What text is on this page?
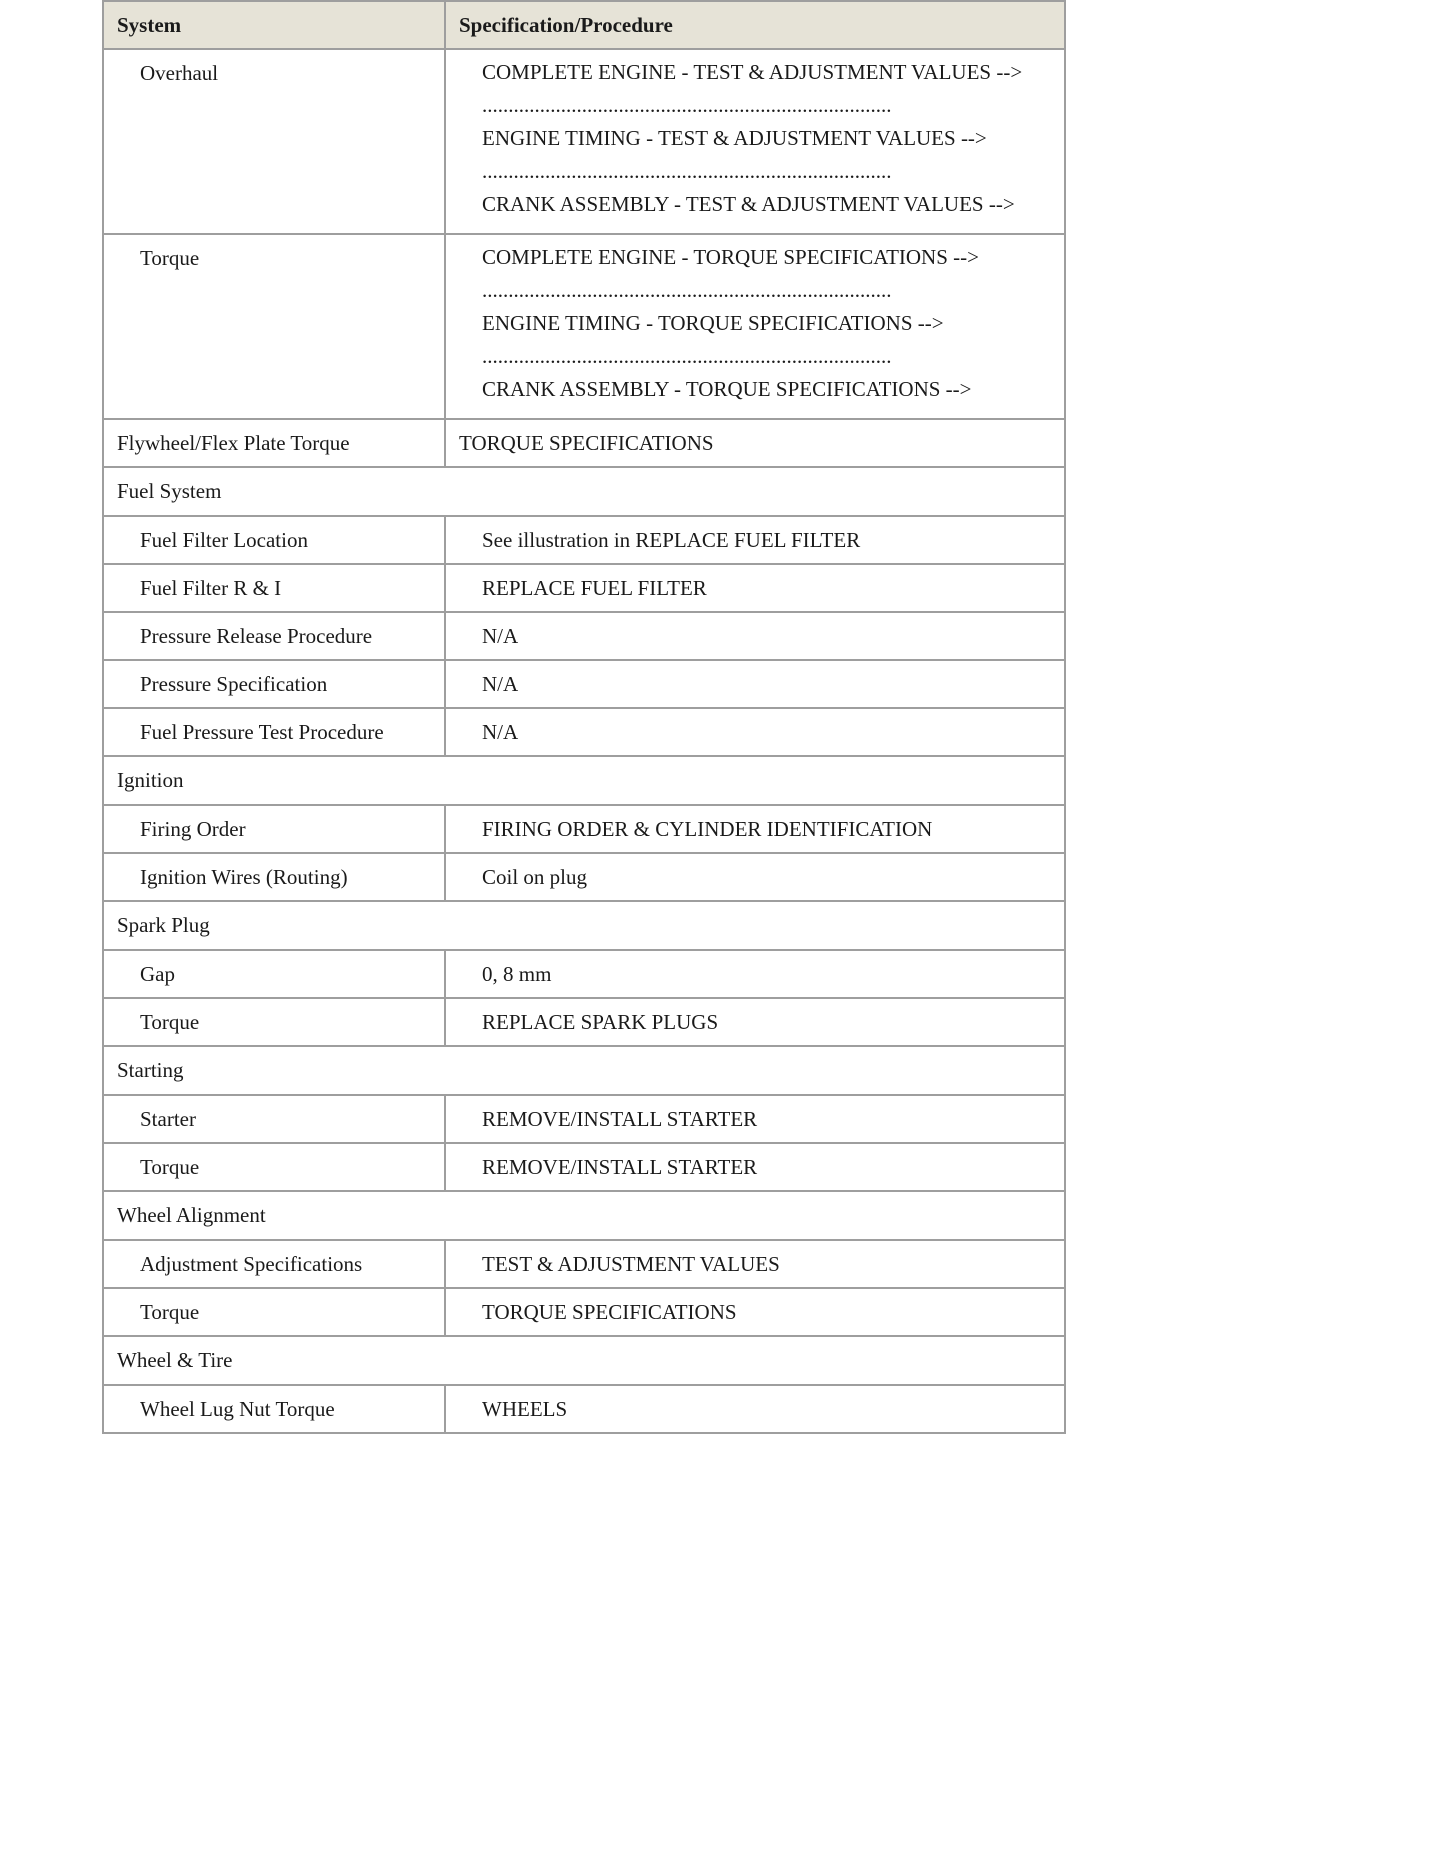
System	Specification/Procedure
Overhaul	COMPLETE ENGINE - TEST & ADJUSTMENT VALUES -->
..............................................................................
ENGINE TIMING - TEST & ADJUSTMENT VALUES -->
..............................................................................
CRANK ASSEMBLY - TEST & ADJUSTMENT VALUES -->

Torque	COMPLETE ENGINE - TORQUE SPECIFICATIONS -->
..............................................................................
ENGINE TIMING - TORQUE SPECIFICATIONS -->
..............................................................................
CRANK ASSEMBLY - TORQUE SPECIFICATIONS -->

Flywheel/Flex Plate Torque	TORQUE SPECIFICATIONS
Fuel System	
Fuel Filter Location	See illustration in REPLACE FUEL FILTER
Fuel Filter R & I	REPLACE FUEL FILTER
Pressure Release Procedure	N/A
Pressure Specification	N/A
Fuel Pressure Test Procedure	N/A
Ignition	
Firing Order	FIRING ORDER & CYLINDER IDENTIFICATION
Ignition Wires (Routing)	Coil on plug
Spark Plug	
Gap	0, 8 mm
Torque	REPLACE SPARK PLUGS
Starting	
Starter	REMOVE/INSTALL STARTER
Torque	REMOVE/INSTALL STARTER
Wheel Alignment	
Adjustment Specifications	TEST & ADJUSTMENT VALUES
Torque	TORQUE SPECIFICATIONS
Wheel & Tire	
Wheel Lug Nut Torque	WHEELS
